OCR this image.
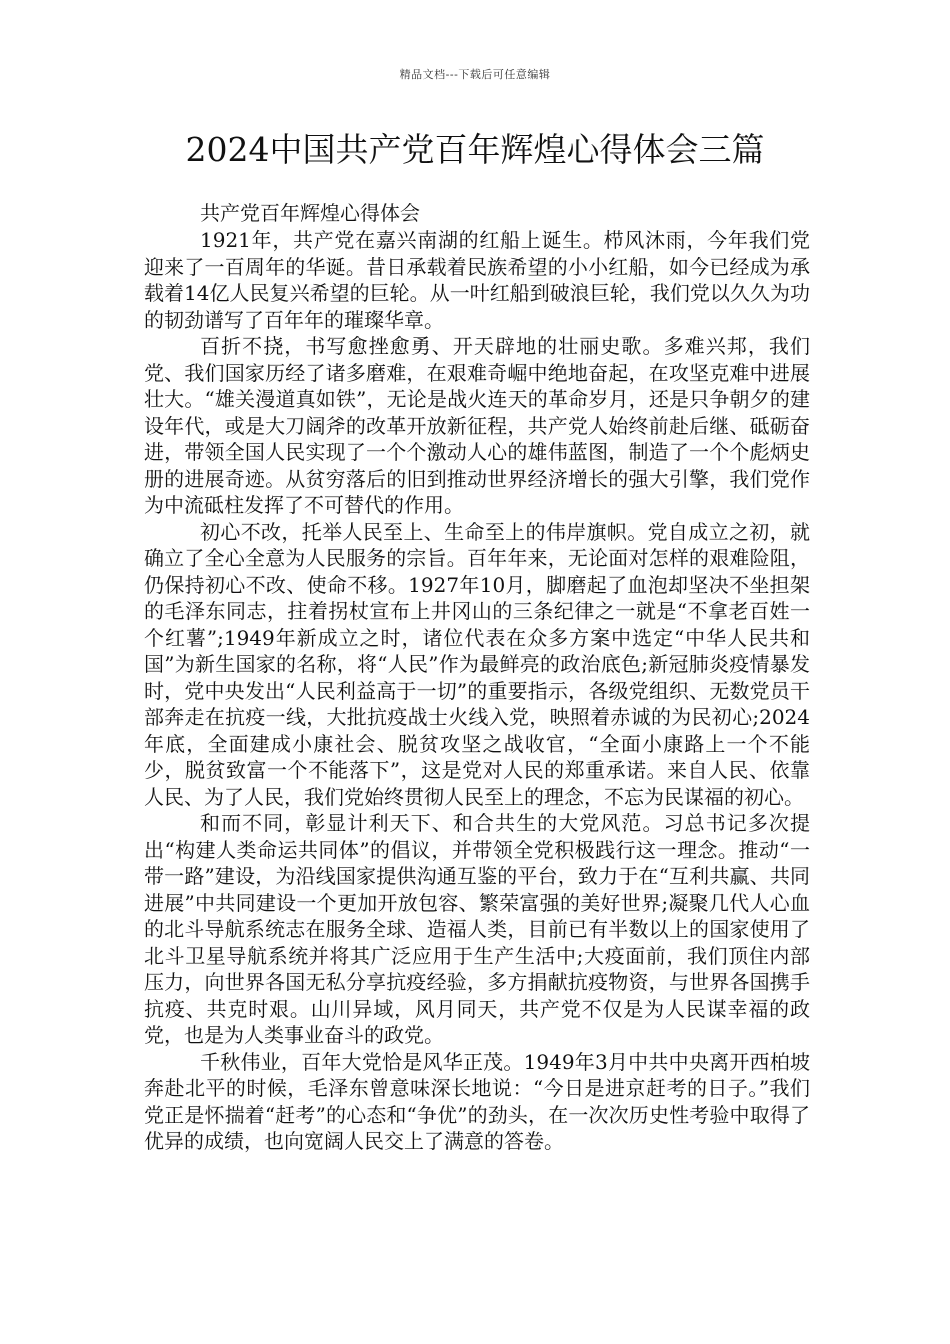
精品文档---下载后可任意编辑
2024中国共产党百年辉煌心得体会三篇

共产党百年辉煌心得体会

1921年，共产党在嘉兴南湖的红船上诞生。栉风沐雨，今年我们党迎来了一百周年的华诞。昔日承载着民族希望的小小红船，如今已经成为承载着14亿人民复兴希望的巨轮。从一叶红船到破浪巨轮，我们党以久久为功的韧劲谱写了百年年的璀璨华章。

百折不挠，书写愈挫愈勇、开天辟地的壮丽史歌。多难兴邦，我们党、我们国家历经了诸多磨难，在艰难奇崛中绝地奋起，在攻坚克难中进展壮大。“雄关漫道真如铁”，无论是战火连天的革命岁月，还是只争朝夕的建设年代，或是大刀阔斧的改革开放新征程，共产党人始终前赴后继、砥砺奋进，带领全国人民实现了一个个激动人心的雄伟蓝图，制造了一个个彪炳史册的进展奇迹。从贫穷落后的旧到推动世界经济增长的强大引擎，我们党作为中流砥柱发挥了不可替代的作用。

初心不改，托举人民至上、生命至上的伟岸旗帜。党自成立之初，就确立了全心全意为人民服务的宗旨。百年年来，无论面对怎样的艰难险阻，仍保持初心不改、使命不移。1927年10月，脚磨起了血泡却坚决不坐担架的毛泽东同志，拄着拐杖宣布上井冈山的三条纪律之一就是“不拿老百姓一个红薯”;1949年新成立之时，诸位代表在众多方案中选定“中华人民共和国”为新生国家的名称，将“人民”作为最鲜亮的政治底色;新冠肺炎疫情暴发时，党中央发出“人民利益高于一切”的重要指示，各级党组织、无数党员干部奔走在抗疫一线，大批抗疫战士火线入党，映照着赤诚的为民初心;2024年底，全面建成小康社会、脱贫攻坚之战收官，“全面小康路上一个不能少，脱贫致富一个不能落下”，这是党对人民的郑重承诺。来自人民、依靠人民、为了人民，我们党始终贯彻人民至上的理念，不忘为民谋福的初心。

和而不同，彰显计利天下、和合共生的大党风范。习总书记多次提出“构建人类命运共同体”的倡议，并带领全党积极践行这一理念。推动“一带一路”建设，为沿线国家提供沟通互鉴的平台，致力于在“互利共赢、共同进展”中共同建设一个更加开放包容、繁荣富强的美好世界;凝聚几代人心血的北斗导航系统志在服务全球、造福人类，目前已有半数以上的国家使用了北斗卫星导航系统并将其广泛应用于生产生活中;大疫面前，我们顶住内部压力，向世界各国无私分享抗疫经验，多方捐献抗疫物资，与世界各国携手抗疫、共克时艰。山川异域，风月同天，共产党不仅是为人民谋幸福的政党，也是为人类事业奋斗的政党。

千秋伟业，百年大党恰是风华正茂。1949年3月中共中央离开西柏坡奔赴北平的时候，毛泽东曾意味深长地说：“今日是进京赶考的日子。”我们党正是怀揣着“赶考”的心态和“争优”的劲头，在一次次历史性考验中取得了优异的成绩，也向宽阔人民交上了满意的答卷。
